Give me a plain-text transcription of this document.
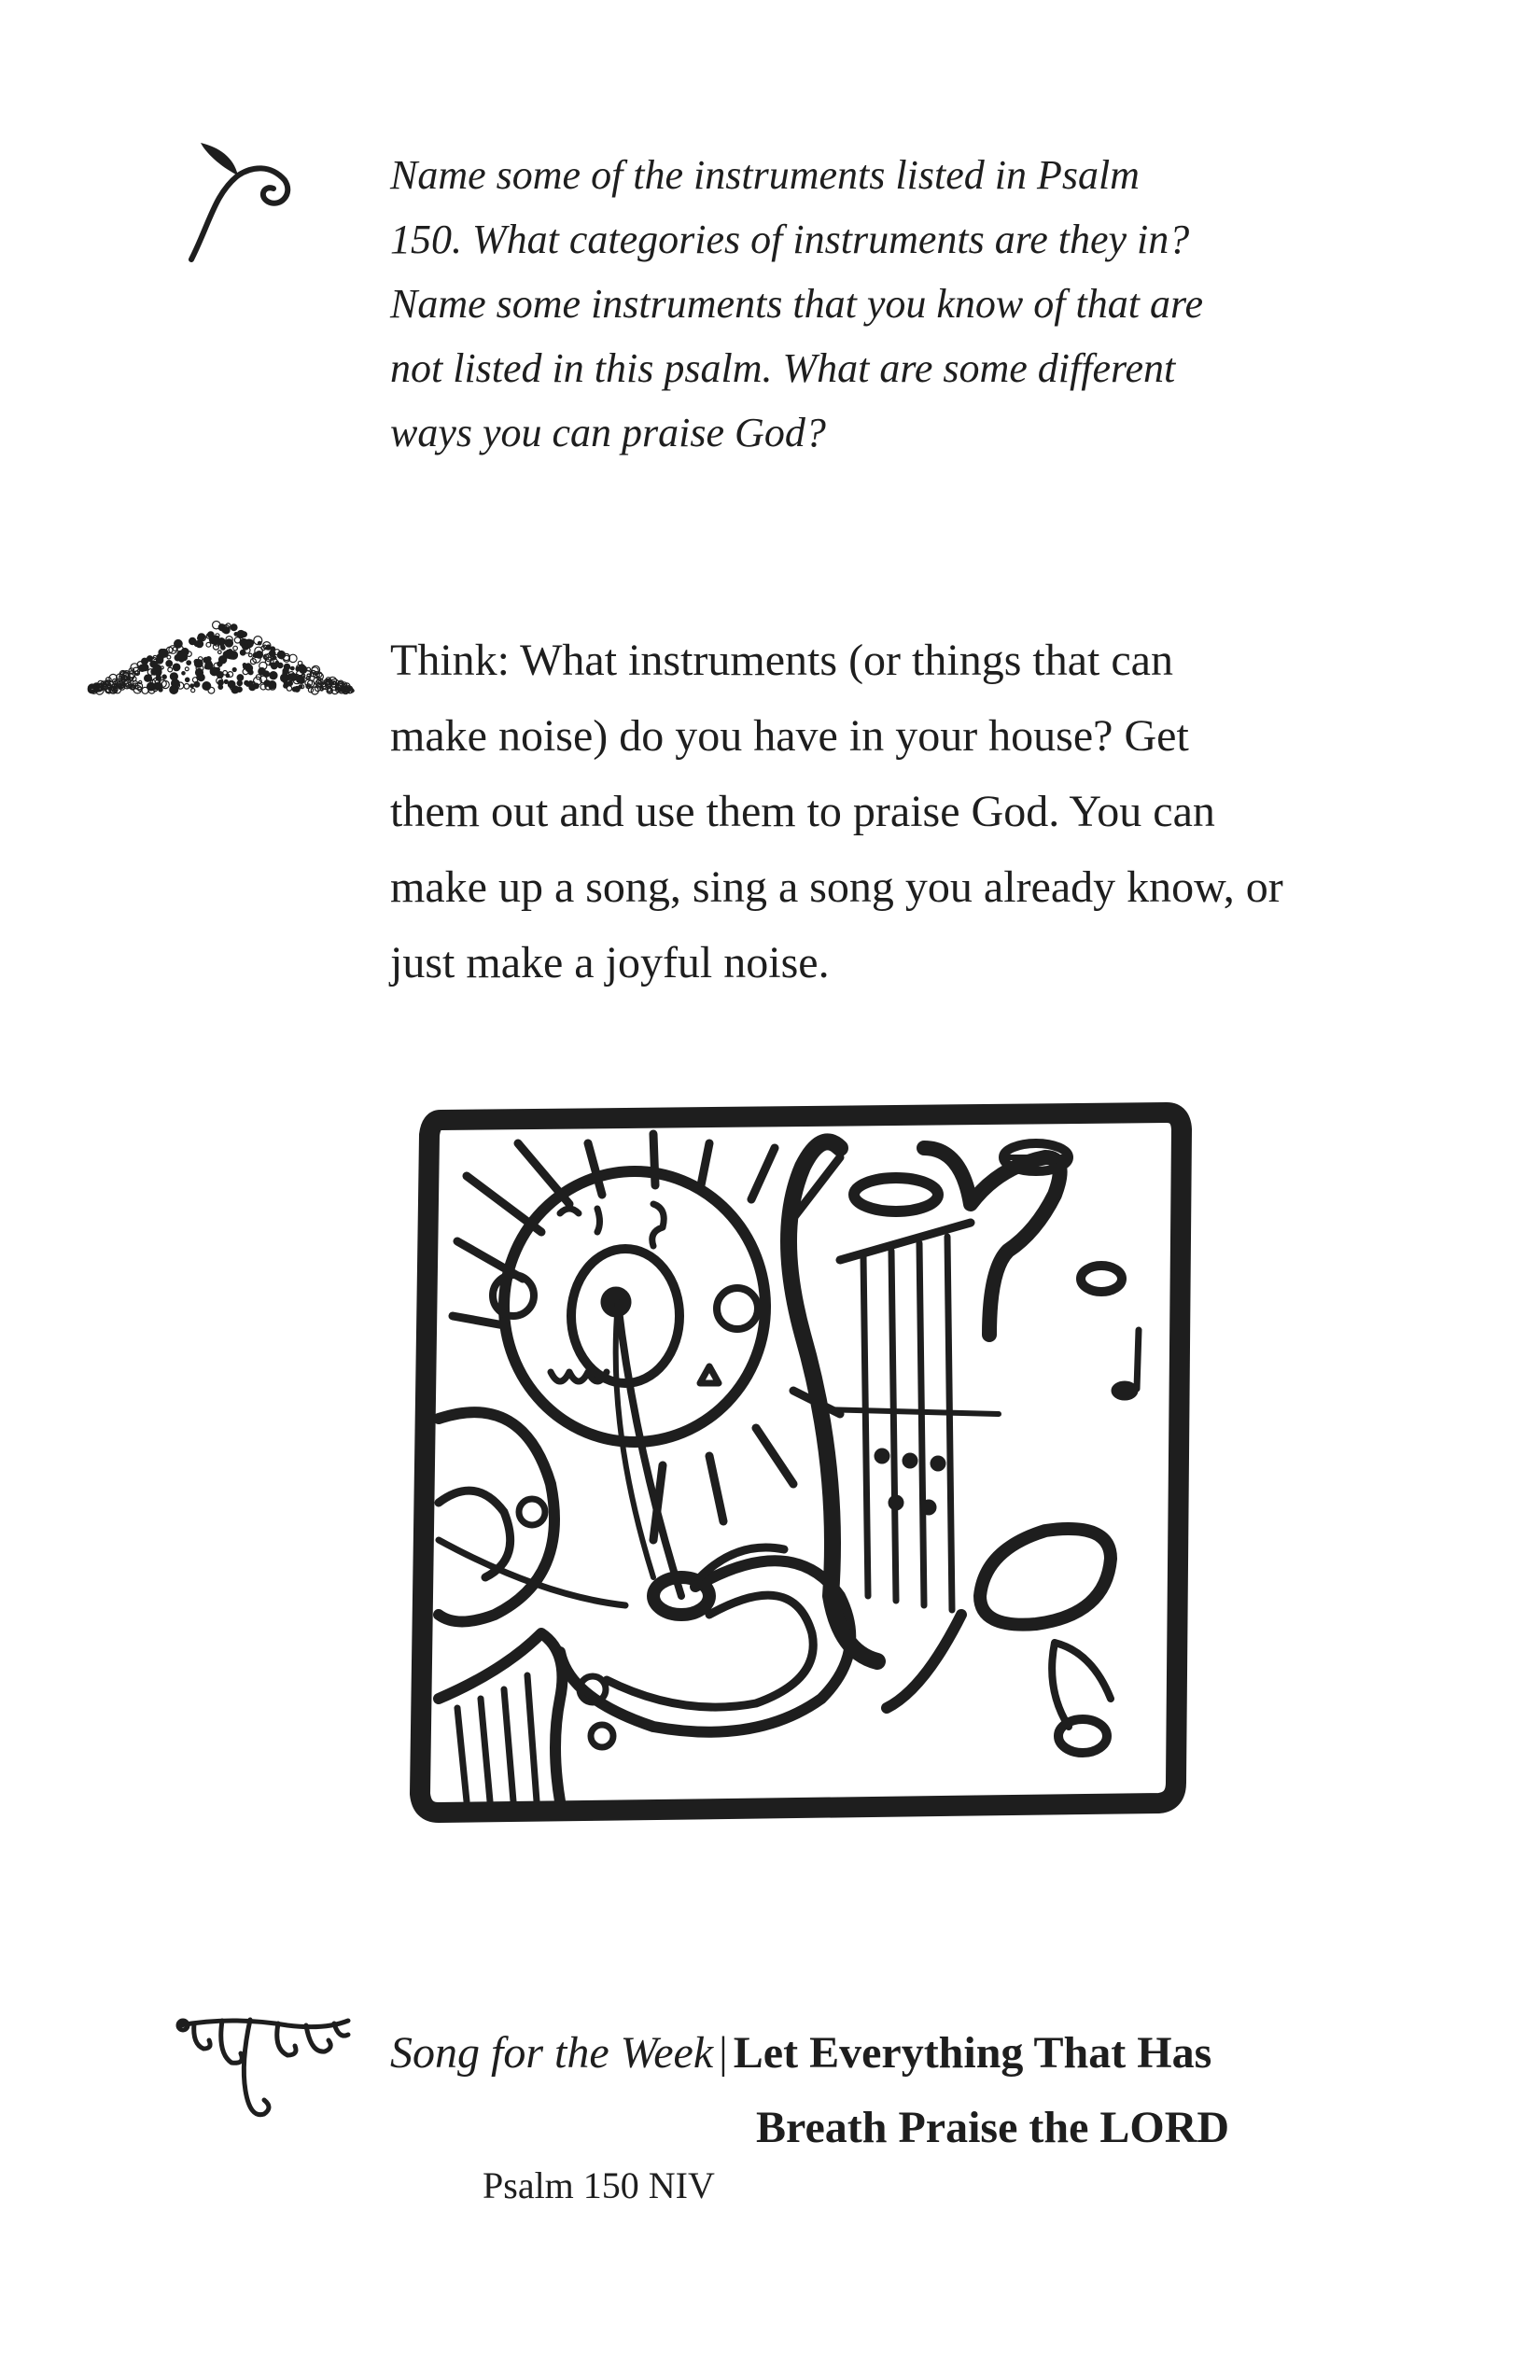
Name some of the instruments listed in Psalm
150. What categories of instruments are they in?
Name some instruments that you know of that are
not listed in this psalm. What are some different
ways you can praise God?
Think: What instruments (or things that can
make noise) do you have in your house? Get
them out and use them to praise God. You can
make up a song, sing a song you already know, or
just make a joyful noise.
Song for the Week | Let Everything That Has
Breath Praise the LORD
Psalm 150 NIV
